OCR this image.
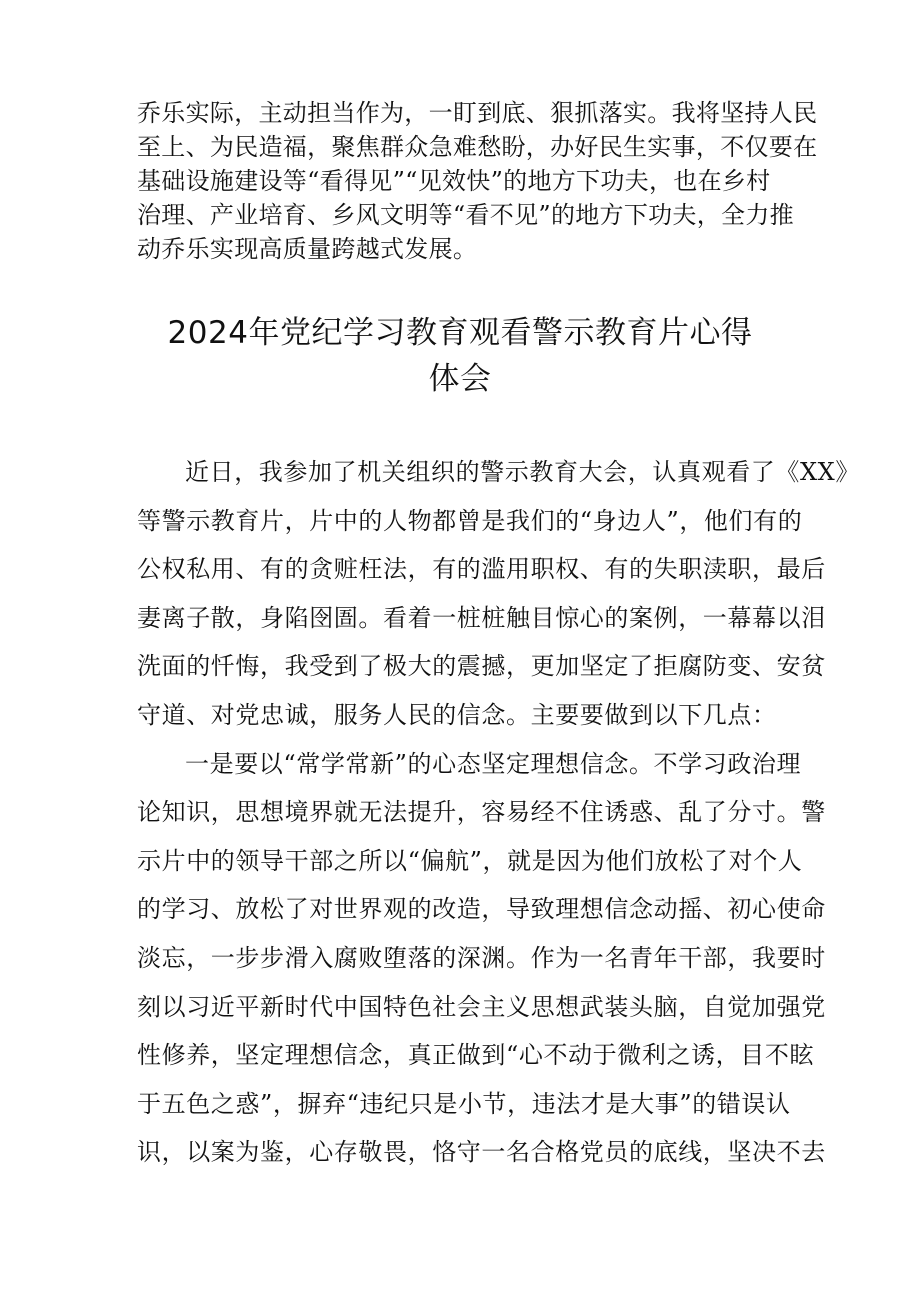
乔乐实际，主动担当作为，一盯到底、狠抓落实。我将坚持人民
至上、为民造福，聚焦群众急难愁盼，办好民生实事，不仅要在
基础设施建设等“看得见”“见效快”的地方下功夫，也在乡村
治理、产业培育、乡风文明等“看不见”的地方下功夫，全力推
动乔乐实现高质量跨越式发展。
2024年党纪学习教育观看警示教育片心得
体会
近日，我参加了机关组织的警示教育大会，认真观看了《XX》
等警示教育片，片中的人物都曾是我们的“身边人”，他们有的
公权私用、有的贪赃枉法，有的滥用职权、有的失职渎职，最后
妻离子散，身陷囹圄。看着一桩桩触目惊心的案例，一幕幕以泪
洗面的忏悔，我受到了极大的震撼，更加坚定了拒腐防变、安贫
守道、对党忠诚，服务人民的信念。主要要做到以下几点：
一是要以“常学常新”的心态坚定理想信念。不学习政治理
论知识，思想境界就无法提升，容易经不住诱惑、乱了分寸。警
示片中的领导干部之所以“偏航”，就是因为他们放松了对个人
的学习、放松了对世界观的改造，导致理想信念动摇、初心使命
淡忘，一步步滑入腐败堕落的深渊。作为一名青年干部，我要时
刻以习近平新时代中国特色社会主义思想武装头脑，自觉加强党
性修养，坚定理想信念，真正做到“心不动于微利之诱，目不眩
于五色之惑”，摒弃“违纪只是小节，违法才是大事”的错误认
识，以案为鉴，心存敬畏，恪守一名合格党员的底线，坚决不去
